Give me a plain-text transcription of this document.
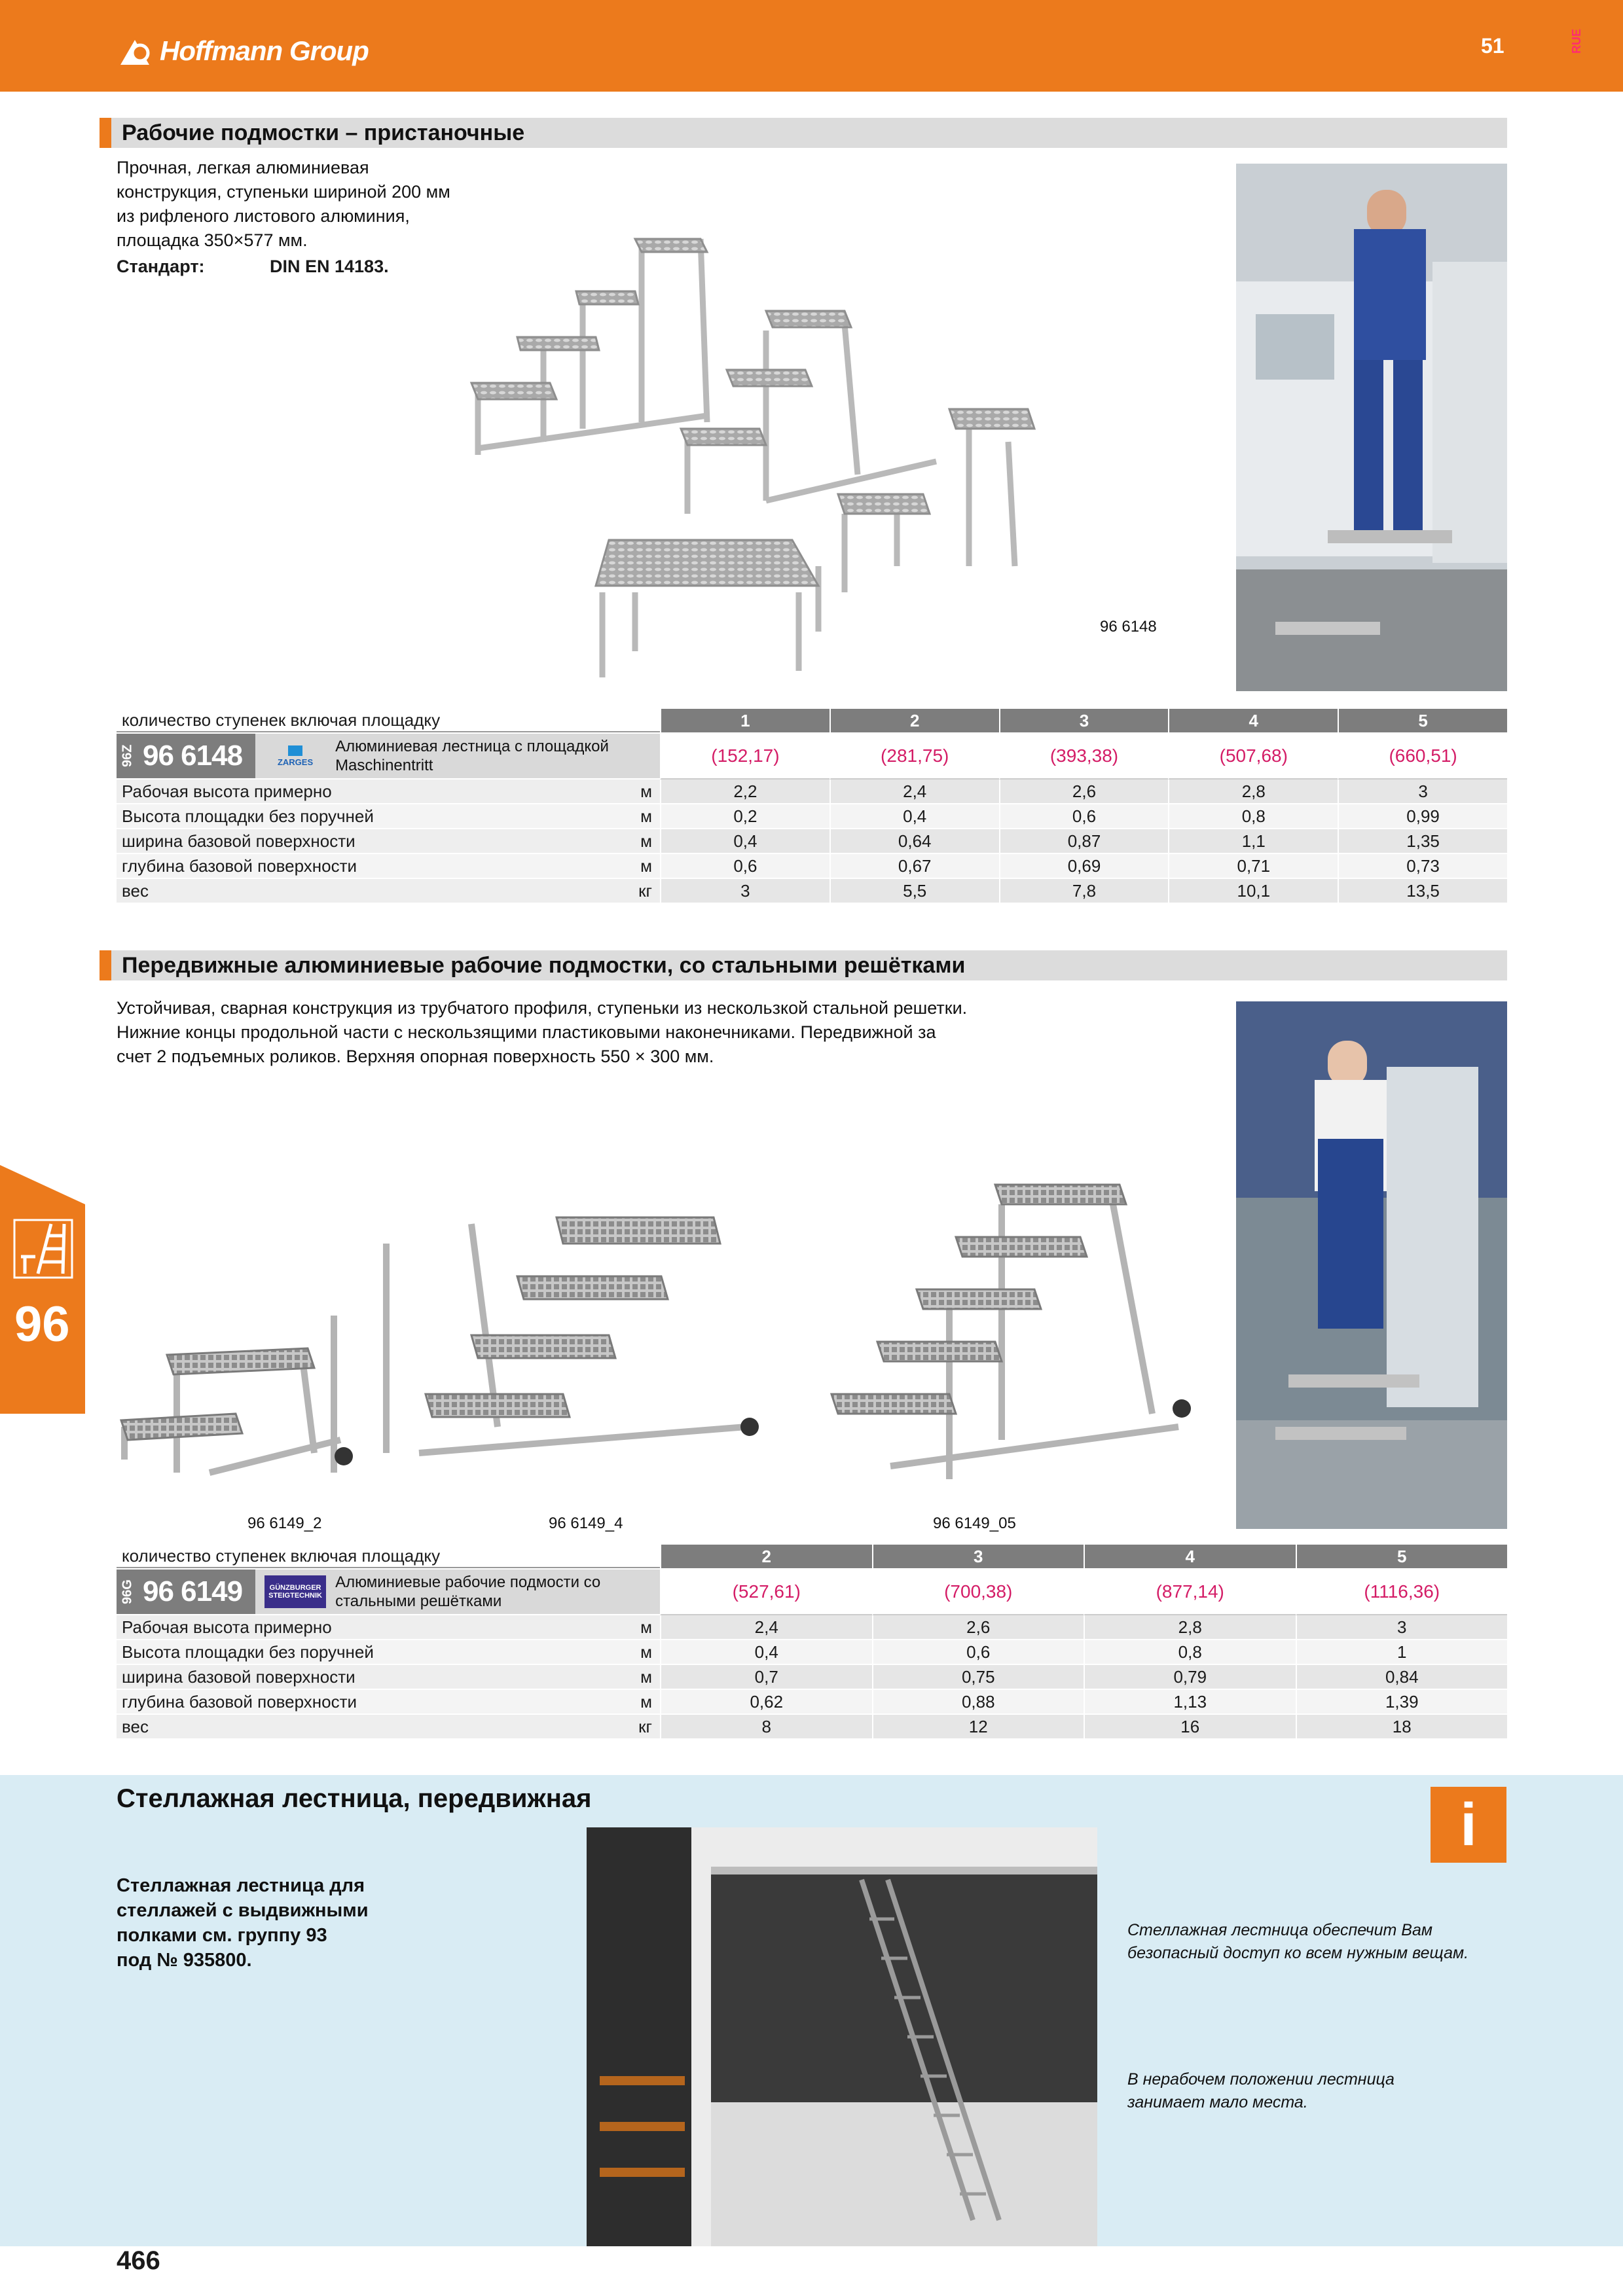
Hoffmann Group	51	RUE
Рабочие подмостки – пристаночные
Прочная, легкая алюминиевая
конструкция, ступеньки шириной 200 мм
из рифленого листового алюминия,
площадка 350×577 мм.
Стандарт:	DIN EN 14183.
96 6148
количество ступенек включая площадку	1	2	3	4	5
96Z 96 6148	ZARGES
Алюминиевая лестница с площадкой
Maschinentritt	(152,17)	(281,75)	(393,38)	(507,68)	(660,51)
Рабочая высота примерно	м	2,2	2,4	2,6	2,8	3
Высота площадки без поручней	м	0,2	0,4	0,6	0,8	0,99
ширина базовой поверхности	м	0,4	0,64	0,87	1,1	1,35
глубина базовой поверхности	м	0,6	0,67	0,69	0,71	0,73
вес	кг	3	5,5	7,8	10,1	13,5
Передвижные алюминиевые рабочие подмостки, со стальными решётками
Устойчивая, сварная конструкция из трубчатого профиля, ступеньки из нескользкой стальной решетки.
Нижние концы продольной части с нескользящими пластиковыми наконечниками. Передвижной за
счет 2 подъемных роликов. Верхняя опорная поверхность 550 × 300 мм.
96 6149_2	96 6149_4	96 6149_05
количество ступенек включая площадку	2	3	4	5
96G 96 6149	GÜNZBURGER STEIGTECHNIK
Алюминиевые рабочие подмости со
стальными решётками	(527,61)	(700,38)	(877,14)	(1116,36)
Рабочая высота примерно	м	2,4	2,6	2,8	3
Высота площадки без поручней	м	0,4	0,6	0,8	1
ширина базовой поверхности	м	0,7	0,75	0,79	0,84
глубина базовой поверхности	м	0,62	0,88	1,13	1,39
вес	кг	8	12	16	18
96
Стеллажная лестница, передвижная	i
Стеллажная лестница для
стеллажей с выдвижными
полками см. группу 93
под № 935800.
Стеллажная лестница обеспечит Вам
безопасный доступ ко всем нужным вещам.
В нерабочем положении лестница
занимает мало места.
466
